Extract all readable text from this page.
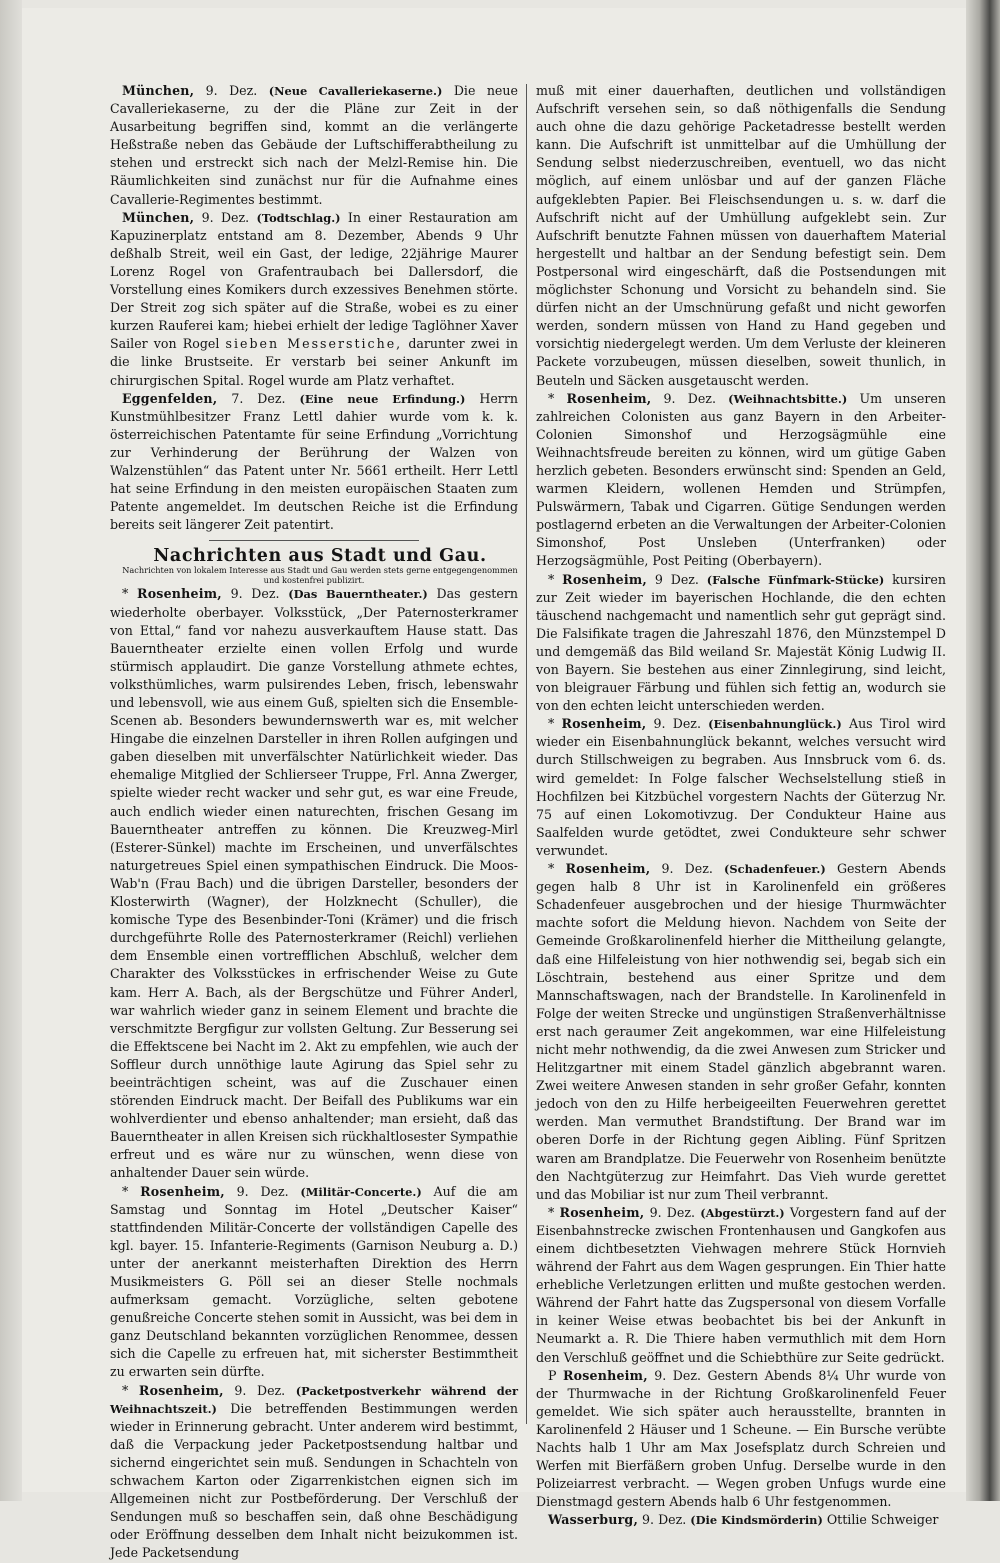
München, 9. Dez. (Neue Cavalleriekaserne.) Die neue Cavalleriekaserne, zu der die Pläne zur Zeit in der Ausarbeitung begriffen sind, kommt an die verlängerte Heßstraße neben das Gebäude der Luftschifferabtheilung zu stehen und erstreckt sich nach der Melzl-Remise hin. Die Räumlichkeiten sind zunächst nur für die Aufnahme eines Cavallerie-Regimentes bestimmt.

München, 9. Dez. (Todtschlag.) In einer Restauration am Kapuzinerplatz entstand am 8. Dezember, Abends 9 Uhr deßhalb Streit, weil ein Gast, der ledige, 22jährige Maurer Lorenz Rogel von Grafentraubach bei Dallersdorf, die Vorstellung eines Komikers durch exzessives Benehmen störte. Der Streit zog sich später auf die Straße, wobei es zu einer kurzen Rauferei kam; hiebei erhielt der ledige Taglöhner Xaver Sailer von Rogel sieben Messerstiche, darunter zwei in die linke Brustseite. Er verstarb bei seiner Ankunft im chirurgischen Spital. Rogel wurde am Platz verhaftet.

Eggenfelden, 7. Dez. (Eine neue Erfindung.) Herrn Kunstmühlbesitzer Franz Lettl dahier wurde vom k. k. österreichischen Patentamte für seine Erfindung „Vorrichtung zur Verhinderung der Berührung der Walzen von Walzenstühlen“ das Patent unter Nr. 5661 ertheilt. Herr Lettl hat seine Erfindung in den meisten europäischen Staaten zum Patente angemeldet. Im deutschen Reiche ist die Erfindung bereits seit längerer Zeit patentirt.

Nachrichten aus Stadt und Gau.

Nachrichten von lokalem Interesse aus Stadt und Gau werden stets gerne entgegengenommen und kostenfrei publizirt.

* Rosenheim, 9. Dez. (Das Bauerntheater.) Das gestern wiederholte oberbayer. Volksstück, „Der Paternosterkramer von Ettal,“ fand vor nahezu ausverkauftem Hause statt. Das Bauerntheater erzielte einen vollen Erfolg und wurde stürmisch applaudirt. Die ganze Vorstellung athmete echtes, volksthümliches, warm pulsirendes Leben, frisch, lebenswahr und lebensvoll, wie aus einem Guß, spielten sich die Ensemble-Scenen ab. Besonders bewundernswerth war es, mit welcher Hingabe die einzelnen Darsteller in ihren Rollen aufgingen und gaben dieselben mit unverfälschter Natürlichkeit wieder. Das ehemalige Mitglied der Schlierseer Truppe, Frl. Anna Zwerger, spielte wieder recht wacker und sehr gut, es war eine Freude, auch endlich wieder einen naturechten, frischen Gesang im Bauerntheater antreffen zu können. Die Kreuzweg-Mirl (Esterer-Sünkel) machte im Erscheinen, und unverfälschtes naturgetreues Spiel einen sympathischen Eindruck. Die Moos-Wab'n (Frau Bach) und die übrigen Darsteller, besonders der Klosterwirth (Wagner), der Holzknecht (Schuller), die komische Type des Besenbinder-Toni (Krämer) und die frisch durchgeführte Rolle des Paternosterkramer (Reichl) verliehen dem Ensemble einen vortrefflichen Abschluß, welcher dem Charakter des Volksstückes in erfrischender Weise zu Gute kam. Herr A. Bach, als der Bergschütze und Führer Anderl, war wahrlich wieder ganz in seinem Element und brachte die verschmitzte Bergfigur zur vollsten Geltung. Zur Besserung sei die Effektscene bei Nacht im 2. Akt zu empfehlen, wie auch der Soffleur durch unnöthige laute Agirung das Spiel sehr zu beeinträchtigen scheint, was auf die Zuschauer einen störenden Eindruck macht. Der Beifall des Publikums war ein wohlverdienter und ebenso anhaltender; man ersieht, daß das Bauerntheater in allen Kreisen sich rückhaltlosester Sympathie erfreut und es wäre nur zu wünschen, wenn diese von anhaltender Dauer sein würde.

* Rosenheim, 9. Dez. (Militär-Concerte.) Auf die am Samstag und Sonntag im Hotel „Deutscher Kaiser“ stattfindenden Militär-Concerte der vollständigen Capelle des kgl. bayer. 15. Infanterie-Regiments (Garnison Neuburg a. D.) unter der anerkannt meisterhaften Direktion des Herrn Musikmeisters G. Pöll sei an dieser Stelle nochmals aufmerksam gemacht. Vorzügliche, selten gebotene genußreiche Concerte stehen somit in Aussicht, was bei dem in ganz Deutschland bekannten vorzüglichen Renommee, dessen sich die Capelle zu erfreuen hat, mit sicherster Bestimmtheit zu erwarten sein dürfte.

* Rosenheim, 9. Dez. (Packetpostverkehr während der Weihnachtszeit.) Die betreffenden Bestimmungen werden wieder in Erinnerung gebracht. Unter anderem wird bestimmt, daß die Verpackung jeder Packetpostsendung haltbar und sichernd eingerichtet sein muß. Sendungen in Schachteln von schwachem Karton oder Zigarrenkistchen eignen sich im Allgemeinen nicht zur Postbeförderung. Der Verschluß der Sendungen muß so beschaffen sein, daß ohne Beschädigung oder Eröffnung desselben dem Inhalt nicht beizukommen ist. Jede Packetsendung

muß mit einer dauerhaften, deutlichen und vollständigen Aufschrift versehen sein, so daß nöthigenfalls die Sendung auch ohne die dazu gehörige Packetadresse bestellt werden kann. Die Aufschrift ist unmittelbar auf die Umhüllung der Sendung selbst niederzuschreiben, eventuell, wo das nicht möglich, auf einem unlösbar und auf der ganzen Fläche aufgeklebten Papier. Bei Fleischsendungen u. s. w. darf die Aufschrift nicht auf der Umhüllung aufgeklebt sein. Zur Aufschrift benutzte Fahnen müssen von dauerhaftem Material hergestellt und haltbar an der Sendung befestigt sein. Dem Postpersonal wird eingeschärft, daß die Postsendungen mit möglichster Schonung und Vorsicht zu behandeln sind. Sie dürfen nicht an der Umschnürung gefaßt und nicht geworfen werden, sondern müssen von Hand zu Hand gegeben und vorsichtig niedergelegt werden. Um dem Verluste der kleineren Packete vorzubeugen, müssen dieselben, soweit thunlich, in Beuteln und Säcken ausgetauscht werden.

* Rosenheim, 9. Dez. (Weihnachtsbitte.) Um unseren zahlreichen Colonisten aus ganz Bayern in den Arbeiter-Colonien Simonshof und Herzogsägmühle eine Weihnachtsfreude bereiten zu können, wird um gütige Gaben herzlich gebeten. Besonders erwünscht sind: Spenden an Geld, warmen Kleidern, wollenen Hemden und Strümpfen, Pulswärmern, Tabak und Cigarren. Gütige Sendungen werden postlagernd erbeten an die Verwaltungen der Arbeiter-Colonien Simonshof, Post Unsleben (Unterfranken) oder Herzogsägmühle, Post Peiting (Oberbayern).

* Rosenheim, 9 Dez. (Falsche Fünfmark-Stücke) kursiren zur Zeit wieder im bayerischen Hochlande, die den echten täuschend nachgemacht und namentlich sehr gut geprägt sind. Die Falsifikate tragen die Jahreszahl 1876, den Münzstempel D und demgemäß das Bild weiland Sr. Majestät König Ludwig II. von Bayern. Sie bestehen aus einer Zinnlegirung, sind leicht, von bleigrauer Färbung und fühlen sich fettig an, wodurch sie von den echten leicht unterschieden werden.

* Rosenheim, 9. Dez. (Eisenbahnunglück.) Aus Tirol wird wieder ein Eisenbahnunglück bekannt, welches versucht wird durch Stillschweigen zu begraben. Aus Innsbruck vom 6. ds. wird gemeldet: In Folge falscher Wechselstellung stieß in Hochfilzen bei Kitzbüchel vorgestern Nachts der Güterzug Nr. 75 auf einen Lokomotivzug. Der Condukteur Haine aus Saalfelden wurde getödtet, zwei Condukteure sehr schwer verwundet.

* Rosenheim, 9. Dez. (Schadenfeuer.) Gestern Abends gegen halb 8 Uhr ist in Karolinenfeld ein größeres Schadenfeuer ausgebrochen und der hiesige Thurmwächter machte sofort die Meldung hievon. Nachdem von Seite der Gemeinde Großkarolinenfeld hierher die Mittheilung gelangte, daß eine Hilfeleistung von hier nothwendig sei, begab sich ein Löschtrain, bestehend aus einer Spritze und dem Mannschaftswagen, nach der Brandstelle. In Karolinenfeld in Folge der weiten Strecke und ungünstigen Straßenverhältnisse erst nach geraumer Zeit angekommen, war eine Hilfeleistung nicht mehr nothwendig, da die zwei Anwesen zum Stricker und Helitzgartner mit einem Stadel gänzlich abgebrannt waren. Zwei weitere Anwesen standen in sehr großer Gefahr, konnten jedoch von den zu Hilfe herbeigeeilten Feuerwehren gerettet werden. Man vermuthet Brandstiftung. Der Brand war im oberen Dorfe in der Richtung gegen Aibling. Fünf Spritzen waren am Brandplatze. Die Feuerwehr von Rosenheim benützte den Nachtgüterzug zur Heimfahrt. Das Vieh wurde gerettet und das Mobiliar ist nur zum Theil verbrannt.

* Rosenheim, 9. Dez. (Abgestürzt.) Vorgestern fand auf der Eisenbahnstrecke zwischen Frontenhausen und Gangkofen aus einem dichtbesetzten Viehwagen mehrere Stück Hornvieh während der Fahrt aus dem Wagen gesprungen. Ein Thier hatte erhebliche Verletzungen erlitten und mußte gestochen werden. Während der Fahrt hatte das Zugspersonal von diesem Vorfalle in keiner Weise etwas beobachtet bis bei der Ankunft in Neumarkt a. R. Die Thiere haben vermuthlich mit dem Horn den Verschluß geöffnet und die Schiebthüre zur Seite gedrückt.

P Rosenheim, 9. Dez. Gestern Abends 8¼ Uhr wurde von der Thurmwache in der Richtung Großkarolinenfeld Feuer gemeldet. Wie sich später auch herausstellte, brannten in Karolinenfeld 2 Häuser und 1 Scheune. — Ein Bursche verübte Nachts halb 1 Uhr am Max Josefsplatz durch Schreien und Werfen mit Bierfäßern groben Unfug. Derselbe wurde in den Polizeiarrest verbracht. — Wegen groben Unfugs wurde eine Dienstmagd gestern Abends halb 6 Uhr festgenommen.

Wasserburg, 9. Dez. (Die Kindsmörderin) Ottilie Schweiger
